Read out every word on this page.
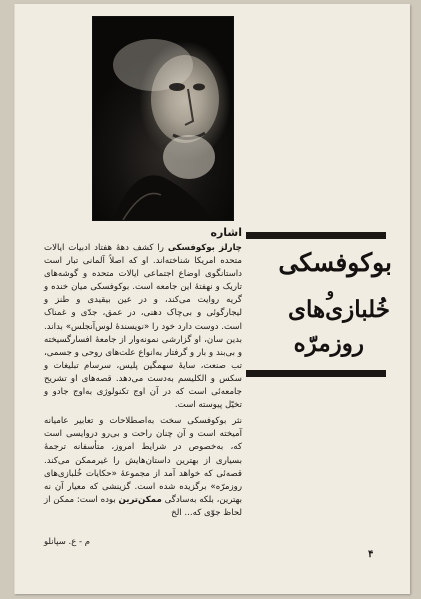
بوکوفسکی
و
خُلبازی‌های
روزمرّه
اشاره

چارلز بوکوفسکی را کشف دهۀ هفتاد ادبیات ایالات متحده امریکا شناخته‌اند. او که اصلاً آلمانی تبار است داستانگوی اوضاع اجتماعی ایالات متحده و گوشه‌های تاریک و نهفتۀ این جامعه است. بوکوفسکی میان خنده و گریه روایت می‌کند، و در عین بیقیدی و طنز و لیجارگوئی و بی‌چاک دهنی، در عمق، جدّی و غمناک است. دوست دارد خود را «نویسندۀ لوس‌آنجلس» بداند. بدین سان، او گزارشی نمونه‌وار از جامعۀ افسارگسیخته و بی‌بند و بار و گرفتار به‌انواع علت‌های روحی و جسمی، تب صنعت، سایۀ سهمگین پلیس، سرسام تبلیغات و سکس و الکلیسم به‌دست می‌دهد. قصه‌های او تشریح جامعه‌ئی است که در آن اوج تکنولوژی به‌اوج جادو و تخیّل پیوسته است.

نثر بوکوفسکی سخت به‌اصطلاحات و تعابیر عامیانه آمیخته است و آن چنان راحت و بی‌رو دروایسی است که، به‌خصوص در شرایط امروز، متأسفانه ترجمۀ بسیاری از بهترین داستان‌هایش را غیرممکن می‌کند. قصه‌ئی که خواهد آمد از مجموعۀ «حکایات خُلبازی‌های روزمرّه» برگزیده شده است. گزینشی که معیار آن نه بهترین، بلکه به‌سادگی ممکن‌ترین بوده است: ممکن از لحاظ جوّی که... الخ

م - ع. سپانلو
۴
